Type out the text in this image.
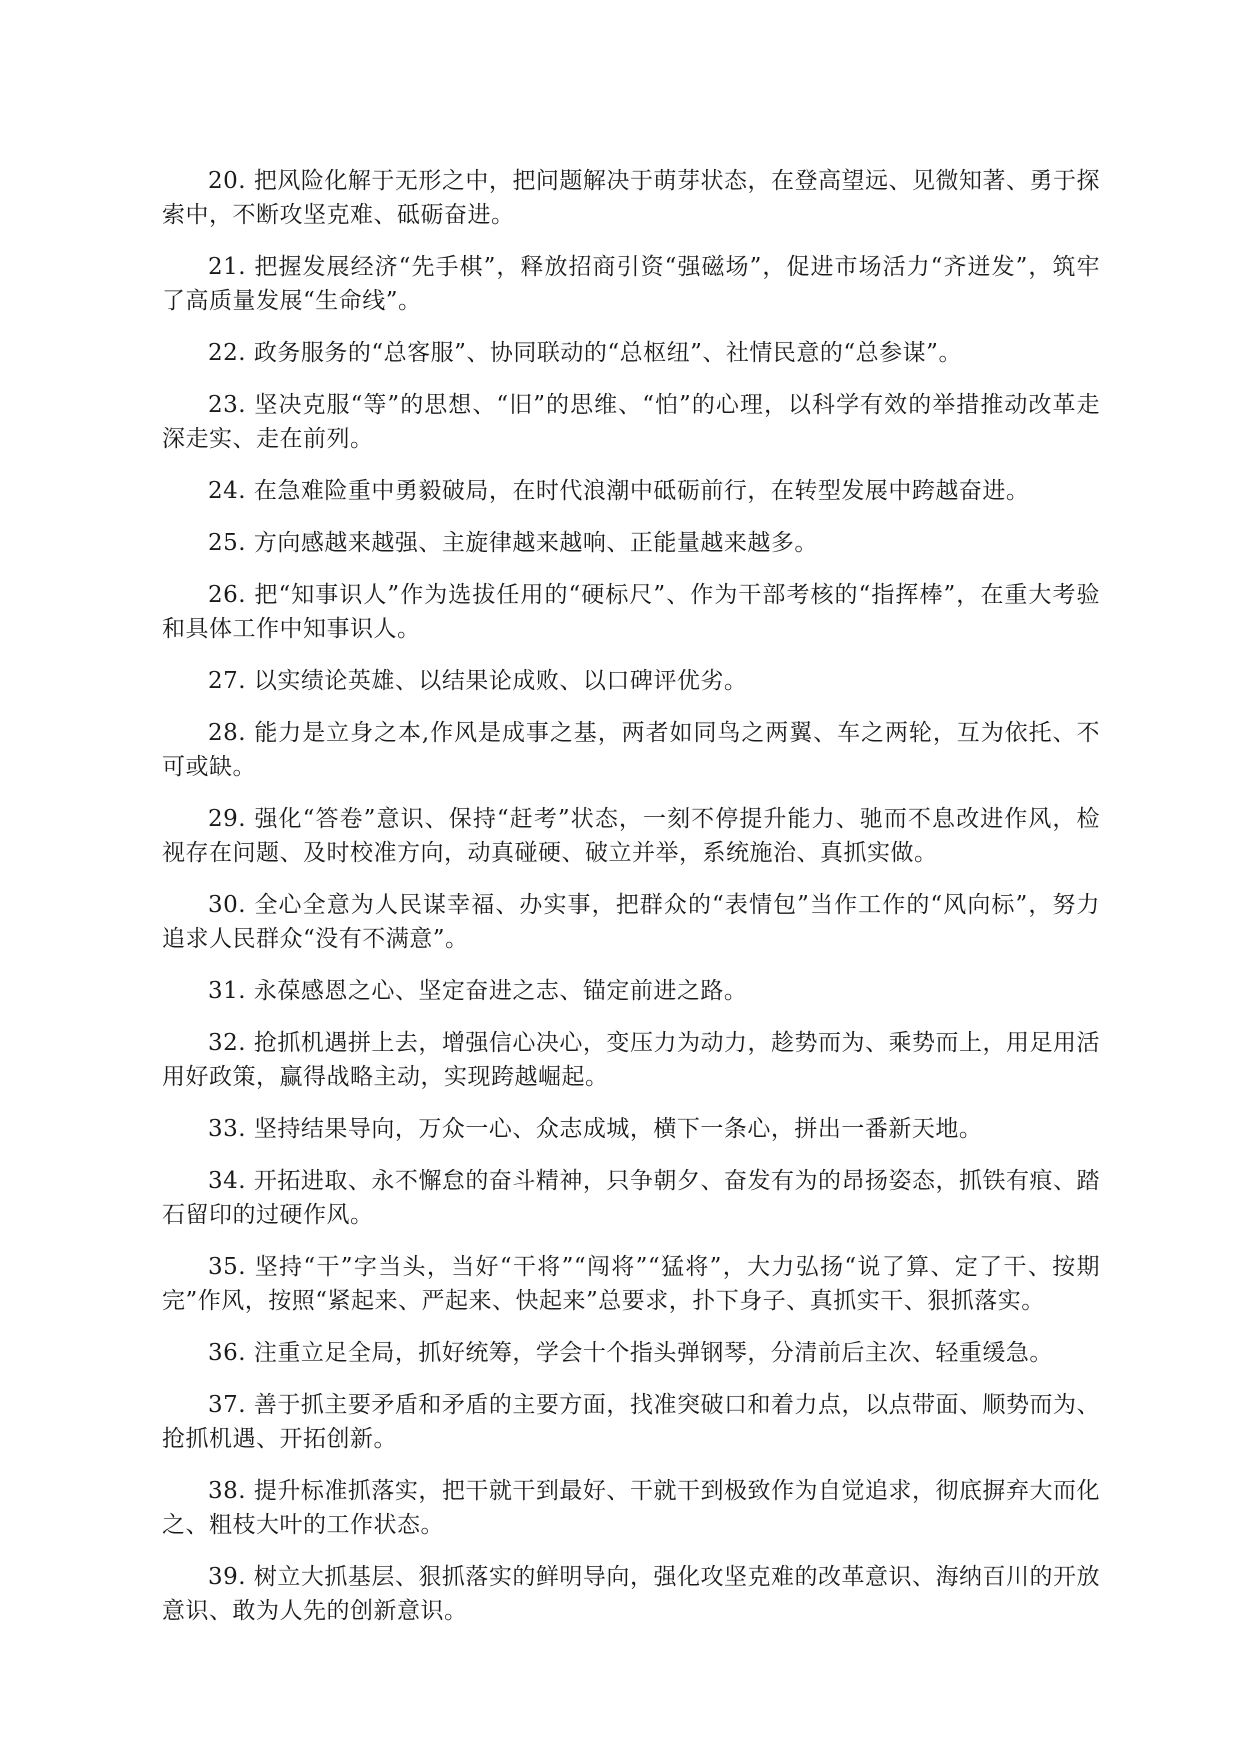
20. 把风险化解于无形之中，把问题解决于萌芽状态，在登高望远、见微知著、勇于探索中，不断攻坚克难、砥砺奋进。

21. 把握发展经济“先手棋”，释放招商引资“强磁场”，促进市场活力“齐迸发”，筑牢了高质量发展“生命线”。

22. 政务服务的“总客服”、协同联动的“总枢纽”、社情民意的“总参谋”。

23. 坚决克服“等”的思想、“旧”的思维、“怕”的心理，以科学有效的举措推动改革走深走实、走在前列。

24. 在急难险重中勇毅破局，在时代浪潮中砥砺前行，在转型发展中跨越奋进。

25. 方向感越来越强、主旋律越来越响、正能量越来越多。

26. 把“知事识人”作为选拔任用的“硬标尺”、作为干部考核的“指挥棒”，在重大考验和具体工作中知事识人。

27. 以实绩论英雄、以结果论成败、以口碑评优劣。

28. 能力是立身之本,作风是成事之基，两者如同鸟之两翼、车之两轮，互为依托、不可或缺。

29. 强化“答卷”意识、保持“赶考”状态，一刻不停提升能力、驰而不息改进作风，检视存在问题、及时校准方向，动真碰硬、破立并举，系统施治、真抓实做。

30. 全心全意为人民谋幸福、办实事，把群众的“表情包”当作工作的“风向标”，努力追求人民群众“没有不满意”。

31. 永葆感恩之心、坚定奋进之志、锚定前进之路。

32. 抢抓机遇拼上去，增强信心决心，变压力为动力，趁势而为、乘势而上，用足用活用好政策，赢得战略主动，实现跨越崛起。

33. 坚持结果导向，万众一心、众志成城，横下一条心，拼出一番新天地。

34. 开拓进取、永不懈怠的奋斗精神，只争朝夕、奋发有为的昂扬姿态，抓铁有痕、踏石留印的过硬作风。

35. 坚持“干”字当头，当好“干将”“闯将”“猛将”，大力弘扬“说了算、定了干、按期完”作风，按照“紧起来、严起来、快起来”总要求，扑下身子、真抓实干、狠抓落实。

36. 注重立足全局，抓好统筹，学会十个指头弹钢琴，分清前后主次、轻重缓急。

37. 善于抓主要矛盾和矛盾的主要方面，找准突破口和着力点，以点带面、顺势而为、抢抓机遇、开拓创新。

38. 提升标准抓落实，把干就干到最好、干就干到极致作为自觉追求，彻底摒弃大而化之、粗枝大叶的工作状态。

39. 树立大抓基层、狠抓落实的鲜明导向，强化攻坚克难的改革意识、海纳百川的开放意识、敢为人先的创新意识。
